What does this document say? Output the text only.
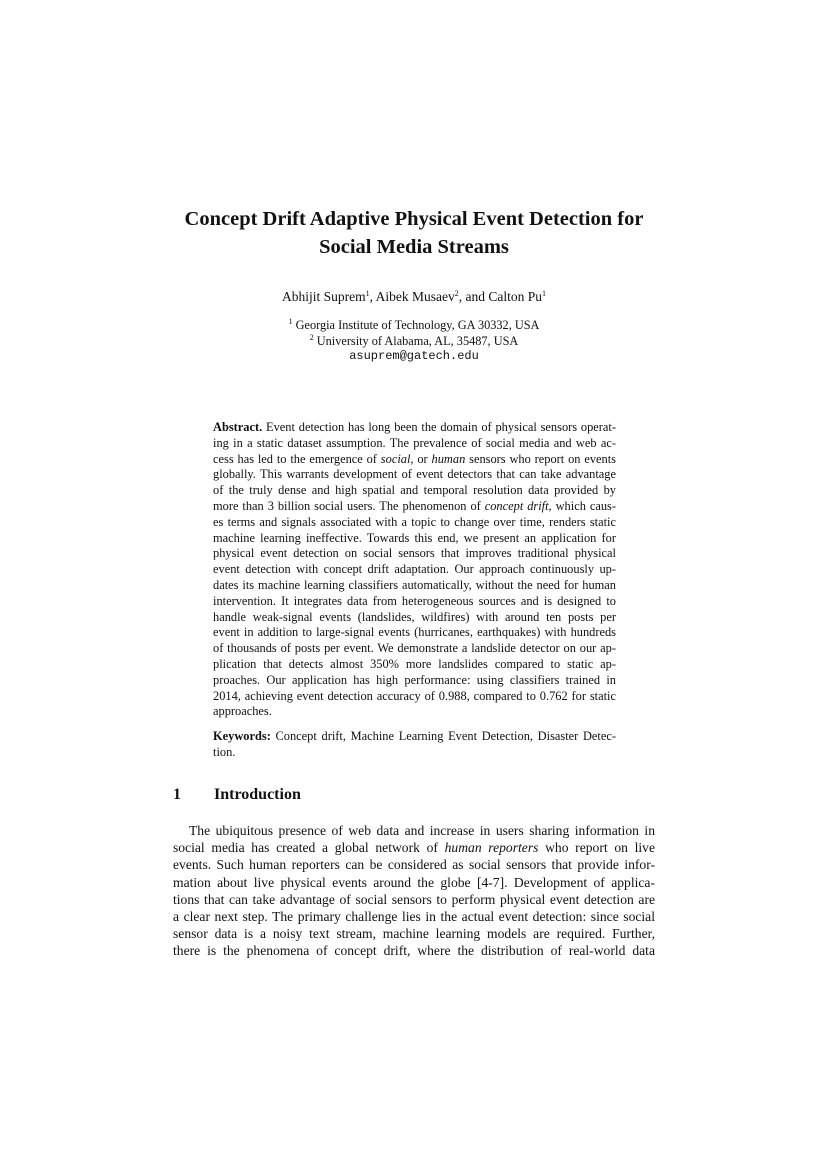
Concept Drift Adaptive Physical Event Detection for
Social Media Streams
Abhijit Suprem$^1$, Aibek Musaev$^2$, and Calton Pu$^1$
$^1$ Georgia Institute of Technology, GA 30332, USA
$^2$ University of Alabama, AL, 35487, USA
asuprem@gatech.edu
Abstract. Event detection has long been the domain of physical sensors operat-
ing in a static dataset assumption. The prevalence of social media and web ac-
cess has led to the emergence of social, or human sensors who report on events
globally. This warrants development of event detectors that can take advantage
of the truly dense and high spatial and temporal resolution data provided by
more than 3 billion social users. The phenomenon of concept drift, which caus-
es terms and signals associated with a topic to change over time, renders static
machine learning ineffective. Towards this end, we present an application for
physical event detection on social sensors that improves traditional physical
event detection with concept drift adaptation. Our approach continuously up-
dates its machine learning classifiers automatically, without the need for human
intervention. It integrates data from heterogeneous sources and is designed to
handle weak-signal events (landslides, wildfires) with around ten posts per
event in addition to large-signal events (hurricanes, earthquakes) with hundreds
of thousands of posts per event. We demonstrate a landslide detector on our ap-
plication that detects almost 350% more landslides compared to static ap-
proaches. Our application has high performance: using classifiers trained in
2014, achieving event detection accuracy of 0.988, compared to 0.762 for static
approaches.
Keywords: Concept drift, Machine Learning Event Detection, Disaster Detec-
tion.
1 Introduction
The ubiquitous presence of web data and increase in users sharing information in
social media has created a global network of human reporters who report on live
events. Such human reporters can be considered as social sensors that provide infor-
mation about live physical events around the globe [4-7]. Development of applica-
tions that can take advantage of social sensors to perform physical event detection are
a clear next step. The primary challenge lies in the actual event detection: since social
sensor data is a noisy text stream, machine learning models are required. Further,
there is the phenomena of concept drift, where the distribution of real-world data
